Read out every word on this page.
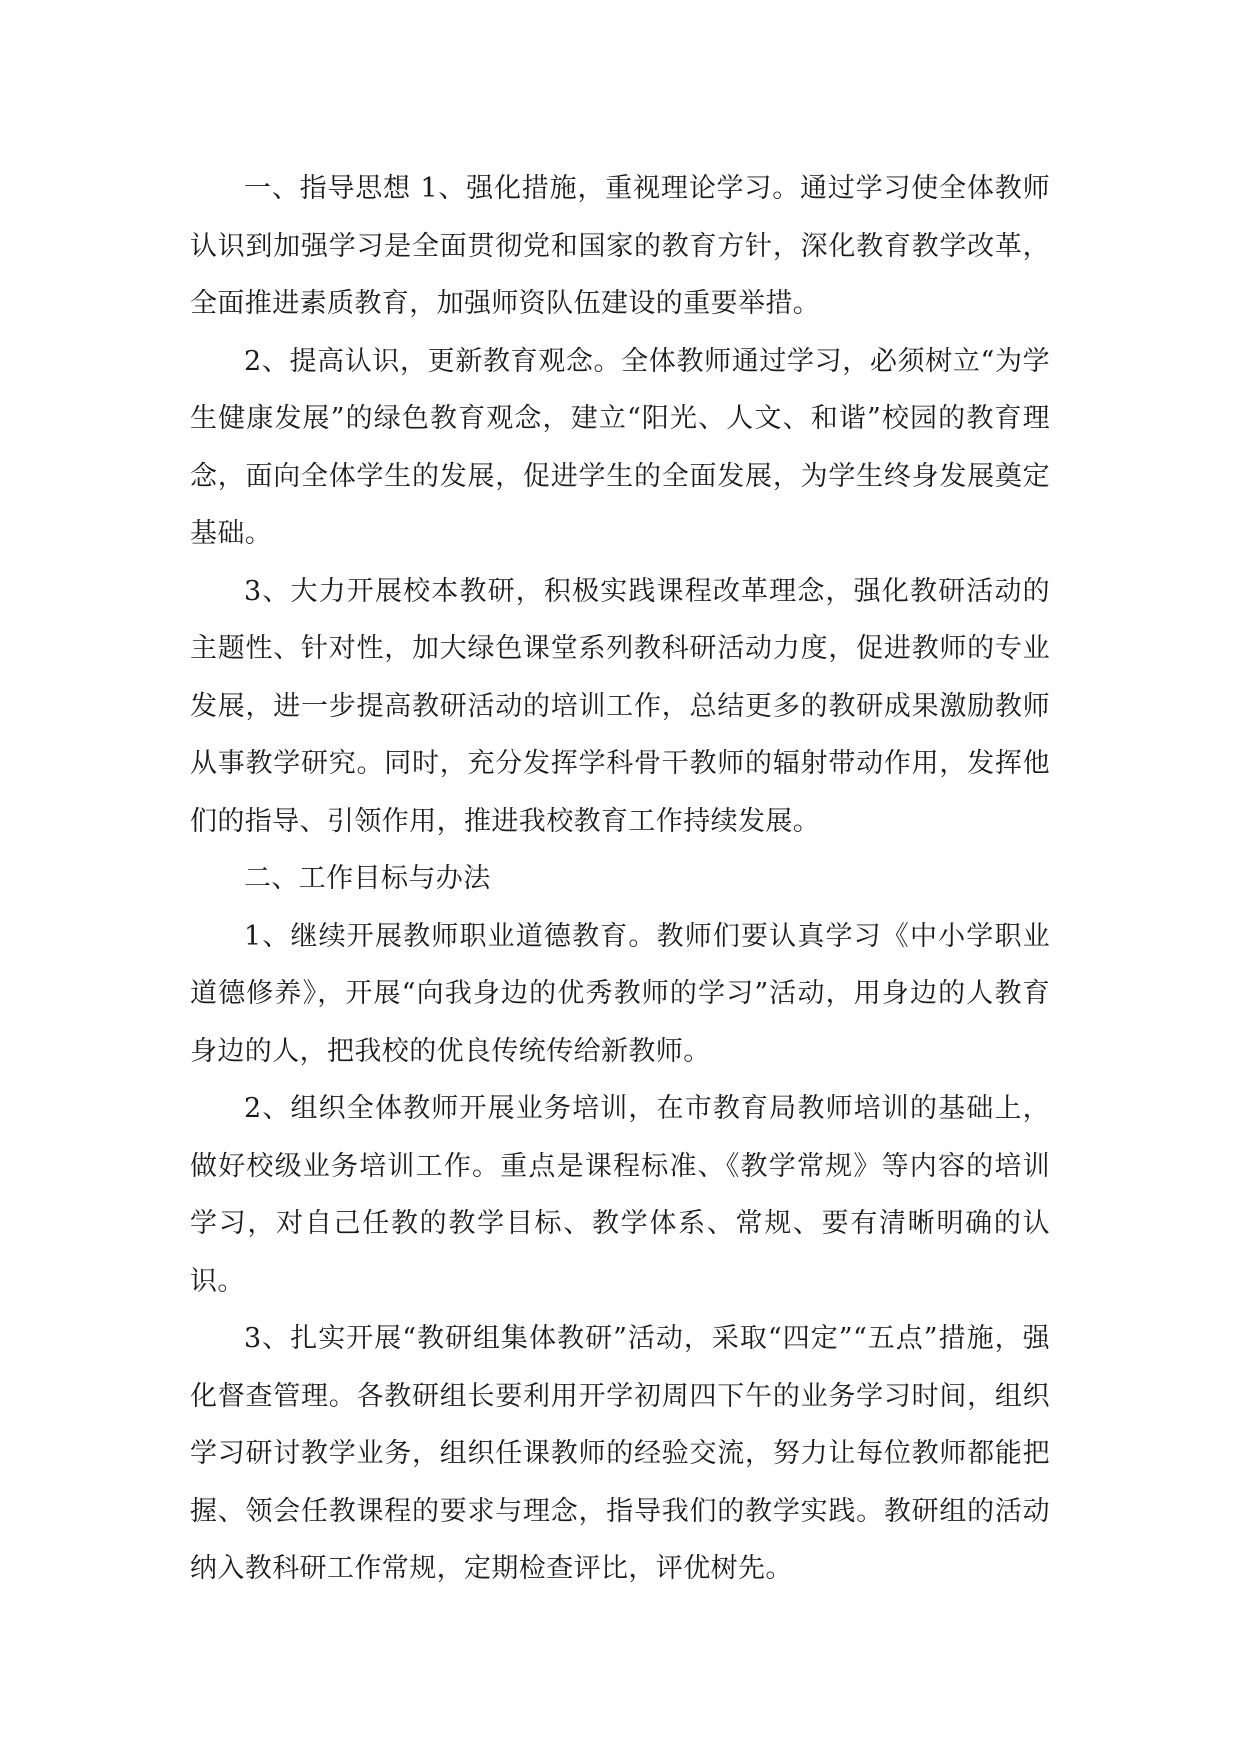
一、指导思想 1、强化措施，重视理论学习。通过学习使全体教师认识到加强学习是全面贯彻党和国家的教育方针，深化教育教学改革，全面推进素质教育，加强师资队伍建设的重要举措。

2、提高认识，更新教育观念。全体教师通过学习，必须树立“为学生健康发展”的绿色教育观念，建立“阳光、人文、和谐”校园的教育理念，面向全体学生的发展，促进学生的全面发展，为学生终身发展奠定基础。

3、大力开展校本教研，积极实践课程改革理念，强化教研活动的主题性、针对性，加大绿色课堂系列教科研活动力度，促进教师的专业发展，进一步提高教研活动的培训工作，总结更多的教研成果激励教师从事教学研究。同时，充分发挥学科骨干教师的辐射带动作用，发挥他们的指导、引领作用，推进我校教育工作持续发展。

二、工作目标与办法

1、继续开展教师职业道德教育。教师们要认真学习《中小学职业道德修养》，开展“向我身边的优秀教师的学习”活动，用身边的人教育身边的人，把我校的优良传统传给新教师。

2、组织全体教师开展业务培训，在市教育局教师培训的基础上，做好校级业务培训工作。重点是课程标准、《教学常规》等内容的培训学习，对自己任教的教学目标、教学体系、常规、要有清晰明确的认识。

3、扎实开展“教研组集体教研”活动，采取“四定”“五点”措施，强化督查管理。各教研组长要利用开学初周四下午的业务学习时间，组织学习研讨教学业务，组织任课教师的经验交流，努力让每位教师都能把握、领会任教课程的要求与理念，指导我们的教学实践。教研组的活动纳入教科研工作常规，定期检查评比，评优树先。
